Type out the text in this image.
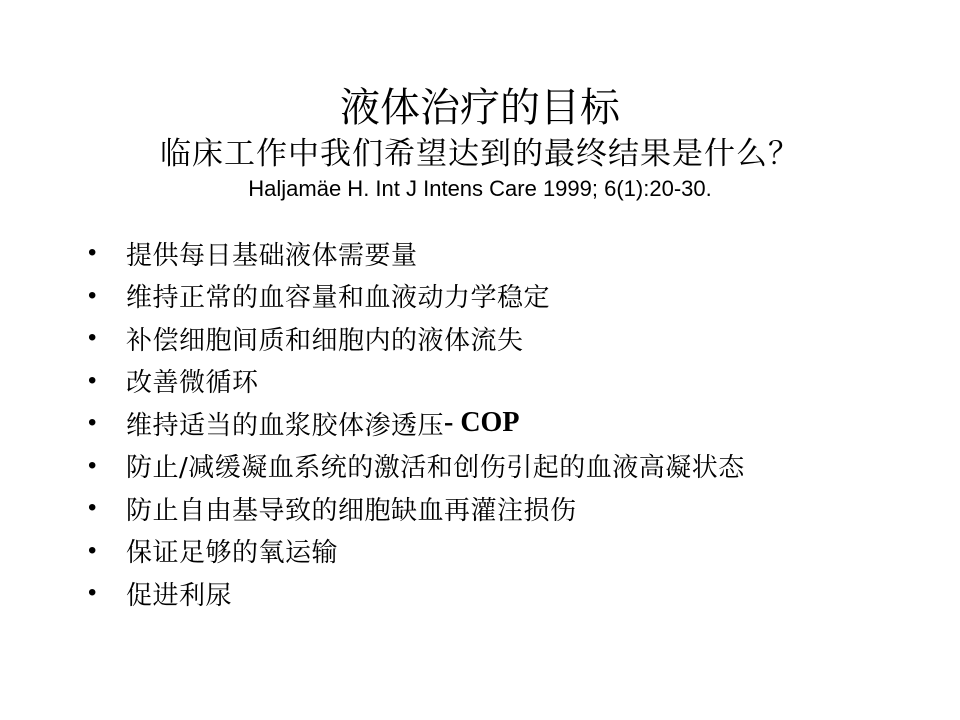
液体治疗的目标
临床工作中我们希望达到的最终结果是什么？
Haljamäe H. Int J Intens Care 1999; 6(1):20-30.
•	提供每日基础液体需要量
•	维持正常的血容量和血液动力学稳定
•	补偿细胞间质和细胞内的液体流失
•	改善微循环
•	维持适当的血浆胶体渗透压 - COP
•	防止/减缓凝血系统的激活和创伤引起的血液高凝状态
•	防止自由基导致的细胞缺血再灌注损伤
•	保证足够的氧运输
•	促进利尿
